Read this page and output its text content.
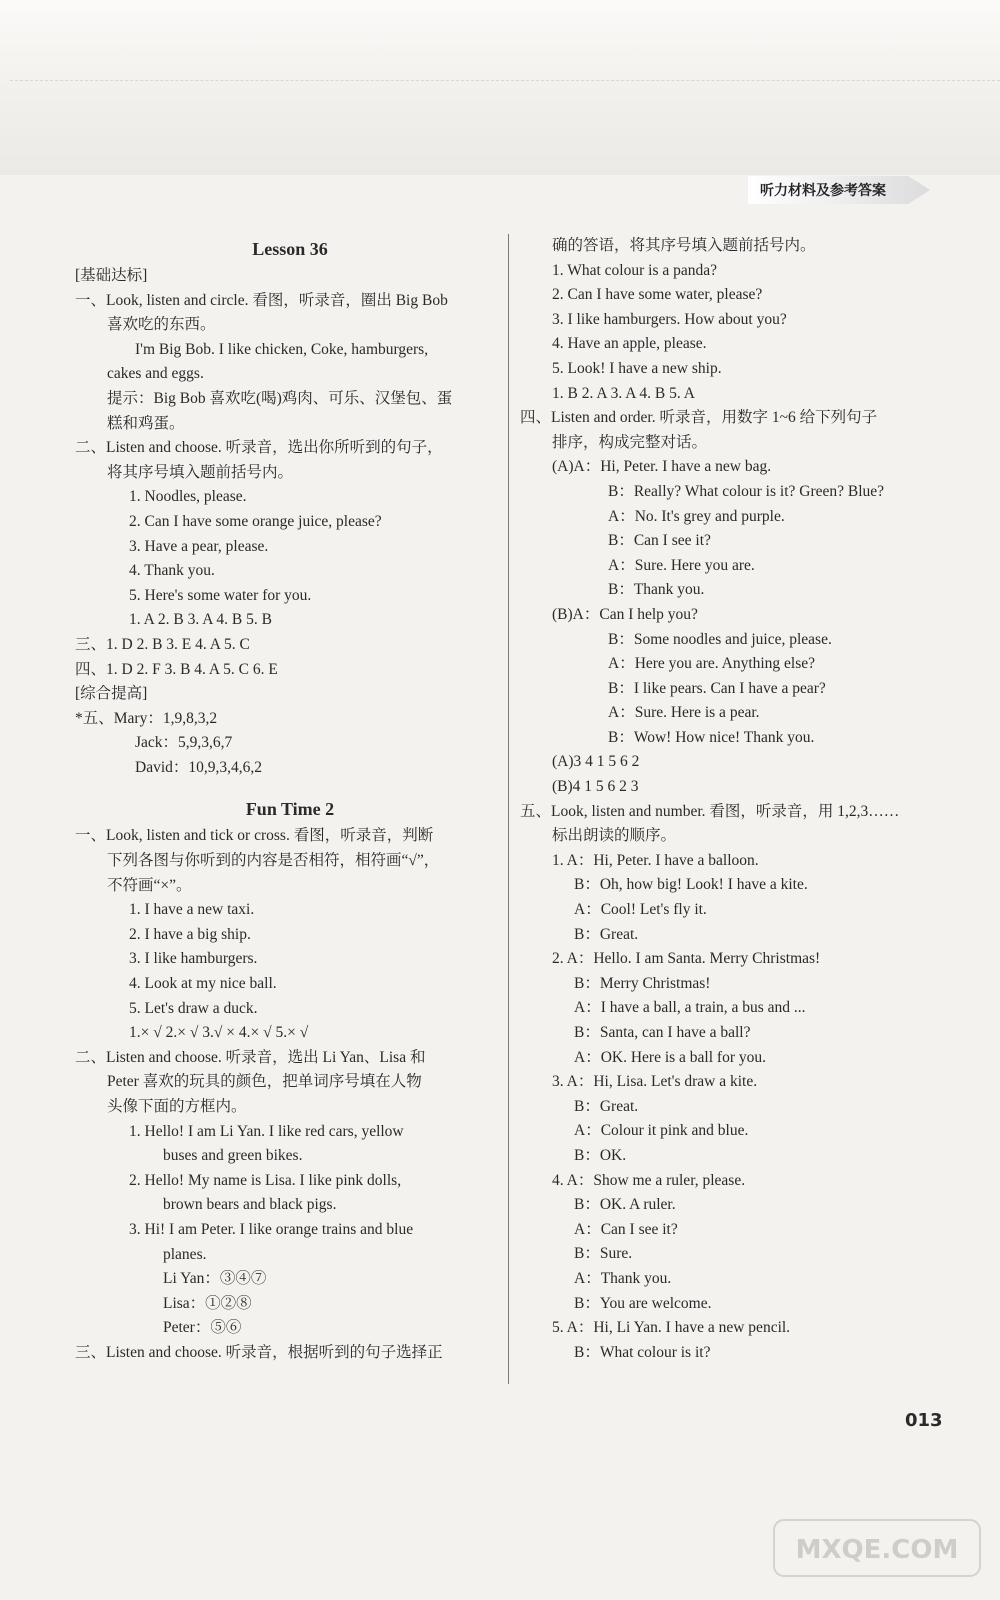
听力材料及参考答案
Lesson 36
[基础达标]
一、Look, listen and circle. 看图，听录音，圈出 Big Bob
喜欢吃的东西。
I'm Big Bob. I like chicken, Coke, hamburgers,
cakes and eggs.
提示：Big Bob 喜欢吃(喝)鸡肉、可乐、汉堡包、蛋
糕和鸡蛋。
二、Listen and choose. 听录音，选出你所听到的句子，
将其序号填入题前括号内。
1. Noodles, please.
2. Can I have some orange juice, please?
3. Have a pear, please.
4. Thank you.
5. Here's some water for you.
1. A 2. B 3. A 4. B 5. B
三、1. D 2. B 3. E 4. A 5. C
四、1. D 2. F 3. B 4. A 5. C 6. E
[综合提高]
*五、Mary：1,9,8,3,2
Jack：5,9,3,6,7
David：10,9,3,4,6,2
Fun Time 2
一、Look, listen and tick or cross. 看图，听录音，判断
下列各图与你听到的内容是否相符，相符画“√”，
不符画“×”。
1. I have a new taxi.
2. I have a big ship.
3. I like hamburgers.
4. Look at my nice ball.
5. Let's draw a duck.
1.× √ 2.× √ 3.√ × 4.× √ 5.× √
二、Listen and choose. 听录音，选出 Li Yan、Lisa 和
Peter 喜欢的玩具的颜色，把单词序号填在人物
头像下面的方框内。
1. Hello! I am Li Yan. I like red cars, yellow
buses and green bikes.
2. Hello! My name is Lisa. I like pink dolls,
brown bears and black pigs.
3. Hi! I am Peter. I like orange trains and blue
planes.
Li Yan：③④⑦
Lisa：①②⑧
Peter：⑤⑥
三、Listen and choose. 听录音，根据听到的句子选择正
确的答语，将其序号填入题前括号内。
1. What colour is a panda?
2. Can I have some water, please?
3. I like hamburgers. How about you?
4. Have an apple, please.
5. Look! I have a new ship.
1. B 2. A 3. A 4. B 5. A
四、Listen and order. 听录音，用数字 1~6 给下列句子
排序，构成完整对话。
(A)A：Hi, Peter. I have a new bag.
B：Really? What colour is it? Green? Blue?
A：No. It's grey and purple.
B：Can I see it?
A：Sure. Here you are.
B：Thank you.
(B)A：Can I help you?
B：Some noodles and juice, please.
A：Here you are. Anything else?
B：I like pears. Can I have a pear?
A：Sure. Here is a pear.
B：Wow! How nice! Thank you.
(A)3 4 1 5 6 2
(B)4 1 5 6 2 3
五、Look, listen and number. 看图，听录音，用 1,2,3……
标出朗读的顺序。
1. A：Hi, Peter. I have a balloon.
B：Oh, how big! Look! I have a kite.
A：Cool! Let's fly it.
B：Great.
2. A：Hello. I am Santa. Merry Christmas!
B：Merry Christmas!
A：I have a ball, a train, a bus and ...
B：Santa, can I have a ball?
A：OK. Here is a ball for you.
3. A：Hi, Lisa. Let's draw a kite.
B：Great.
A：Colour it pink and blue.
B：OK.
4. A：Show me a ruler, please.
B：OK. A ruler.
A：Can I see it?
B：Sure.
A：Thank you.
B：You are welcome.
5. A：Hi, Li Yan. I have a new pencil.
B：What colour is it?
013
MXQE.COM
